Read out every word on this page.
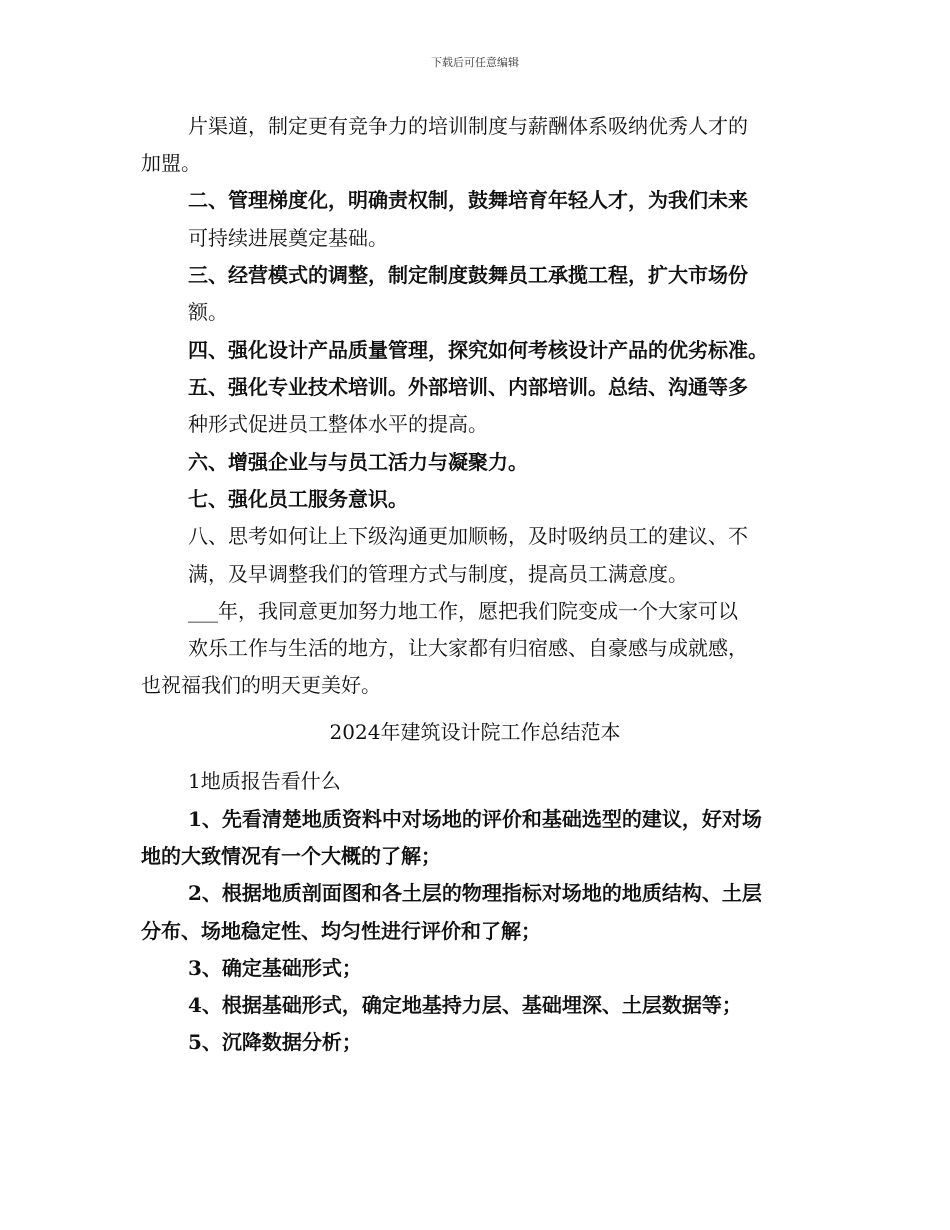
下载后可任意编辑
片渠道，制定更有竞争力的培训制度与薪酬体系吸纳优秀人才的
加盟。
二、管理梯度化，明确责权制，鼓舞培育年轻人才，为我们未来
可持续进展奠定基础。
三、经营模式的调整，制定制度鼓舞员工承揽工程，扩大市场份
额。
四、强化设计产品质量管理，探究如何考核设计产品的优劣标准。
五、强化专业技术培训。外部培训、内部培训。总结、沟通等多
种形式促进员工整体水平的提高。
六、增强企业与与员工活力与凝聚力。
七、强化员工服务意识。
八、思考如何让上下级沟通更加顺畅，及时吸纳员工的建议、不
满，及早调整我们的管理方式与制度，提高员工满意度。
___年，我同意更加努力地工作，愿把我们院变成一个大家可以
欢乐工作与生活的地方，让大家都有归宿感、自豪感与成就感，
也祝福我们的明天更美好。
2024年建筑设计院工作总结范本
1地质报告看什么
1、先看清楚地质资料中对场地的评价和基础选型的建议，好对场
地的大致情况有一个大概的了解；
2、根据地质剖面图和各土层的物理指标对场地的地质结构、土层
分布、场地稳定性、均匀性进行评价和了解；
3、确定基础形式；
4、根据基础形式，确定地基持力层、基础埋深、土层数据等；
5、沉降数据分析；
